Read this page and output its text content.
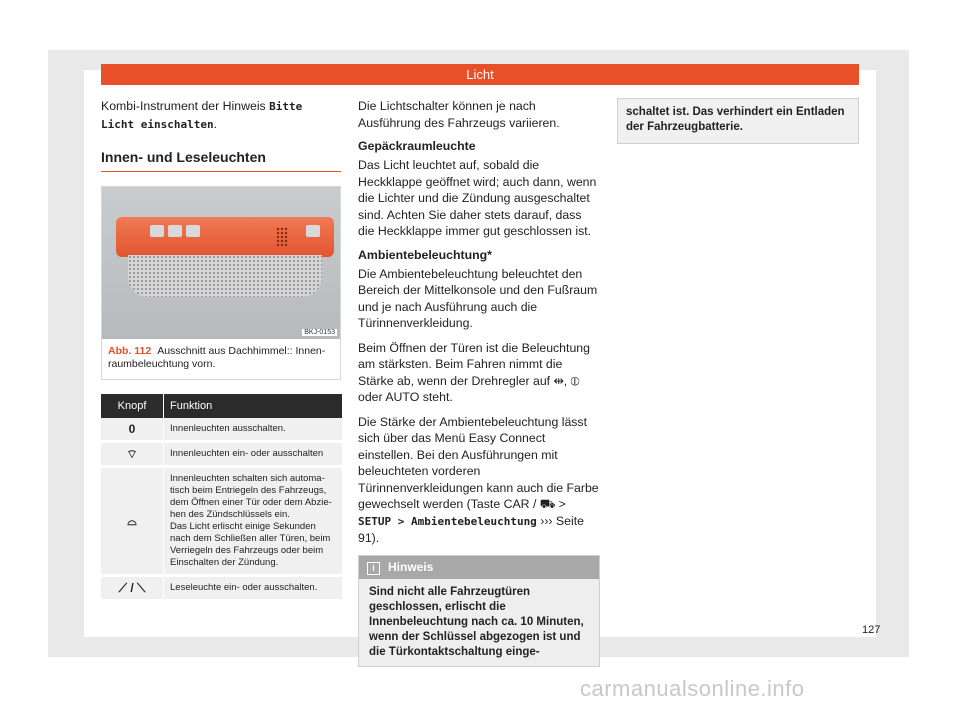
Licht

Kombi-Instrument der Hinweis Bitte Licht einschalten.

Innen- und Leseleuchten
BKJ-0153
Abb. 112 Ausschnitt aus Dachhimmel:: Innenraumbeleuchtung vorn.
Knopf	Funktion
0	Innenleuchten ausschalten.
⌔	Innenleuchten ein- oder ausschalten
⌓	Innenleuchten schalten sich automatisch beim Entriegeln des Fahrzeugs, dem Öffnen einer Tür oder dem Abziehen des Zündschlüssels ein.
Das Licht erlischt einige Sekunden nach dem Schließen aller Türen, beim Verriegeln des Fahrzeugs oder beim Einschalten der Zündung.
⟋ / ⟍	Leseleuchte ein- oder ausschalten.

Die Lichtschalter können je nach Ausführung des Fahrzeugs variieren.

Gepäckraumleuchte

Das Licht leuchtet auf, sobald die Heckklappe geöffnet wird; auch dann, wenn die Lichter und die Zündung ausgeschaltet sind. Achten Sie daher stets darauf, dass die Heckklappe immer gut geschlossen ist.

Ambientebeleuchtung*

Die Ambientebeleuchtung beleuchtet den Bereich der Mittelkonsole und den Fußraum und je nach Ausführung auch die Türinnenverkleidung.

Beim Öffnen der Türen ist die Beleuchtung am stärksten. Beim Fahren nimmt die Stärke ab, wenn der Drehregler auf ⇹, ⦶ oder AUTO steht.

Die Stärke der Ambientebeleuchtung lässt sich über das Menü Easy Connect einstellen. Bei den Ausführungen mit beleuchteten vorderen Türinnenverkleidungen kann auch die Farbe gewechselt werden (Taste CAR / ⛟ > SETUP > Ambientebeleuchtung ››› Seite 91).

i Hinweis
Sind nicht alle Fahrzeugtüren geschlossen, erlischt die Innenbeleuchtung nach ca. 10 Minuten, wenn der Schlüssel abgezogen ist und die Türkontaktschaltung einge-
schaltet ist. Das verhindert ein Entladen der Fahrzeugbatterie.
127
carmanualsonline.info
